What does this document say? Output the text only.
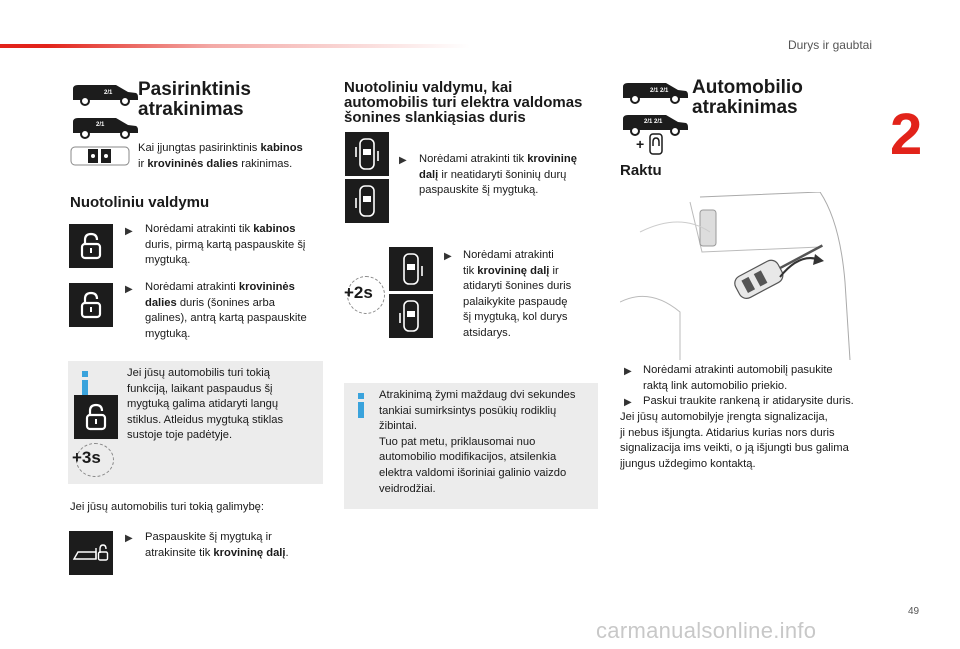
Durys ir gaubtai
2
49
carmanualsonline.info
2/1
2/1
Pasirinktinis
atrakinimas
Kai įjungtas pasirinktinis kabinos
ir krovininės dalies rakinimas.
Nuotoliniu valdymu
▶ Norėdami atrakinti tik kabinos
duris, pirmą kartą paspauskite šį
mygtuką.
▶ Norėdami atrakinti krovininės
dalies duris (šonines arba
galines), antrą kartą paspauskite
mygtuką.
+3s
Jei jūsų automobilis turi tokią
funkciją, laikant paspaudus šį
mygtuką galima atidaryti langų
stiklus. Atleidus mygtuką stiklas
sustoje toje padėtyje.
Jei jūsų automobilis turi tokią galimybę:
▶ Paspauskite šį mygtuką ir
atrakinsite tik krovininę dalį.
Nuotoliniu valdymu, kai
automobilis turi elektra valdomas
šonines slankiąsias duris
▶ Norėdami atrakinti tik krovininę
dalį ir neatidaryti šoninių durų
paspauskite šį mygtuką.
+2s
▶ Norėdami atrakinti
tik krovininę dalį ir
atidaryti šonines duris
palaikykite paspaudę
šį mygtuką, kol durys
atsidarys.
Atrakinimą žymi maždaug dvi sekundes
tankiai sumirksintys posūkių rodiklių
žibintai.
Tuo pat metu, priklausomai nuo
automobilio modifikacijos, atsilenkia
elektra valdomi išoriniai galinio vaizdo
veidrodžiai.
2/1 2/1
2/1 2/1
+
Automobilio
atrakinimas
Raktu
▶ Norėdami atrakinti automobilį pasukite
raktą link automobilio priekio.
▶ Paskui traukite rankeną ir atidarysite duris.
Jei jūsų automobilyje įrengta signalizacija,
ji nebus išjungta. Atidarius kurias nors duris
signalizacija ims veikti, o ją išjungti bus galima
įjungus uždegimo kontaktą.
